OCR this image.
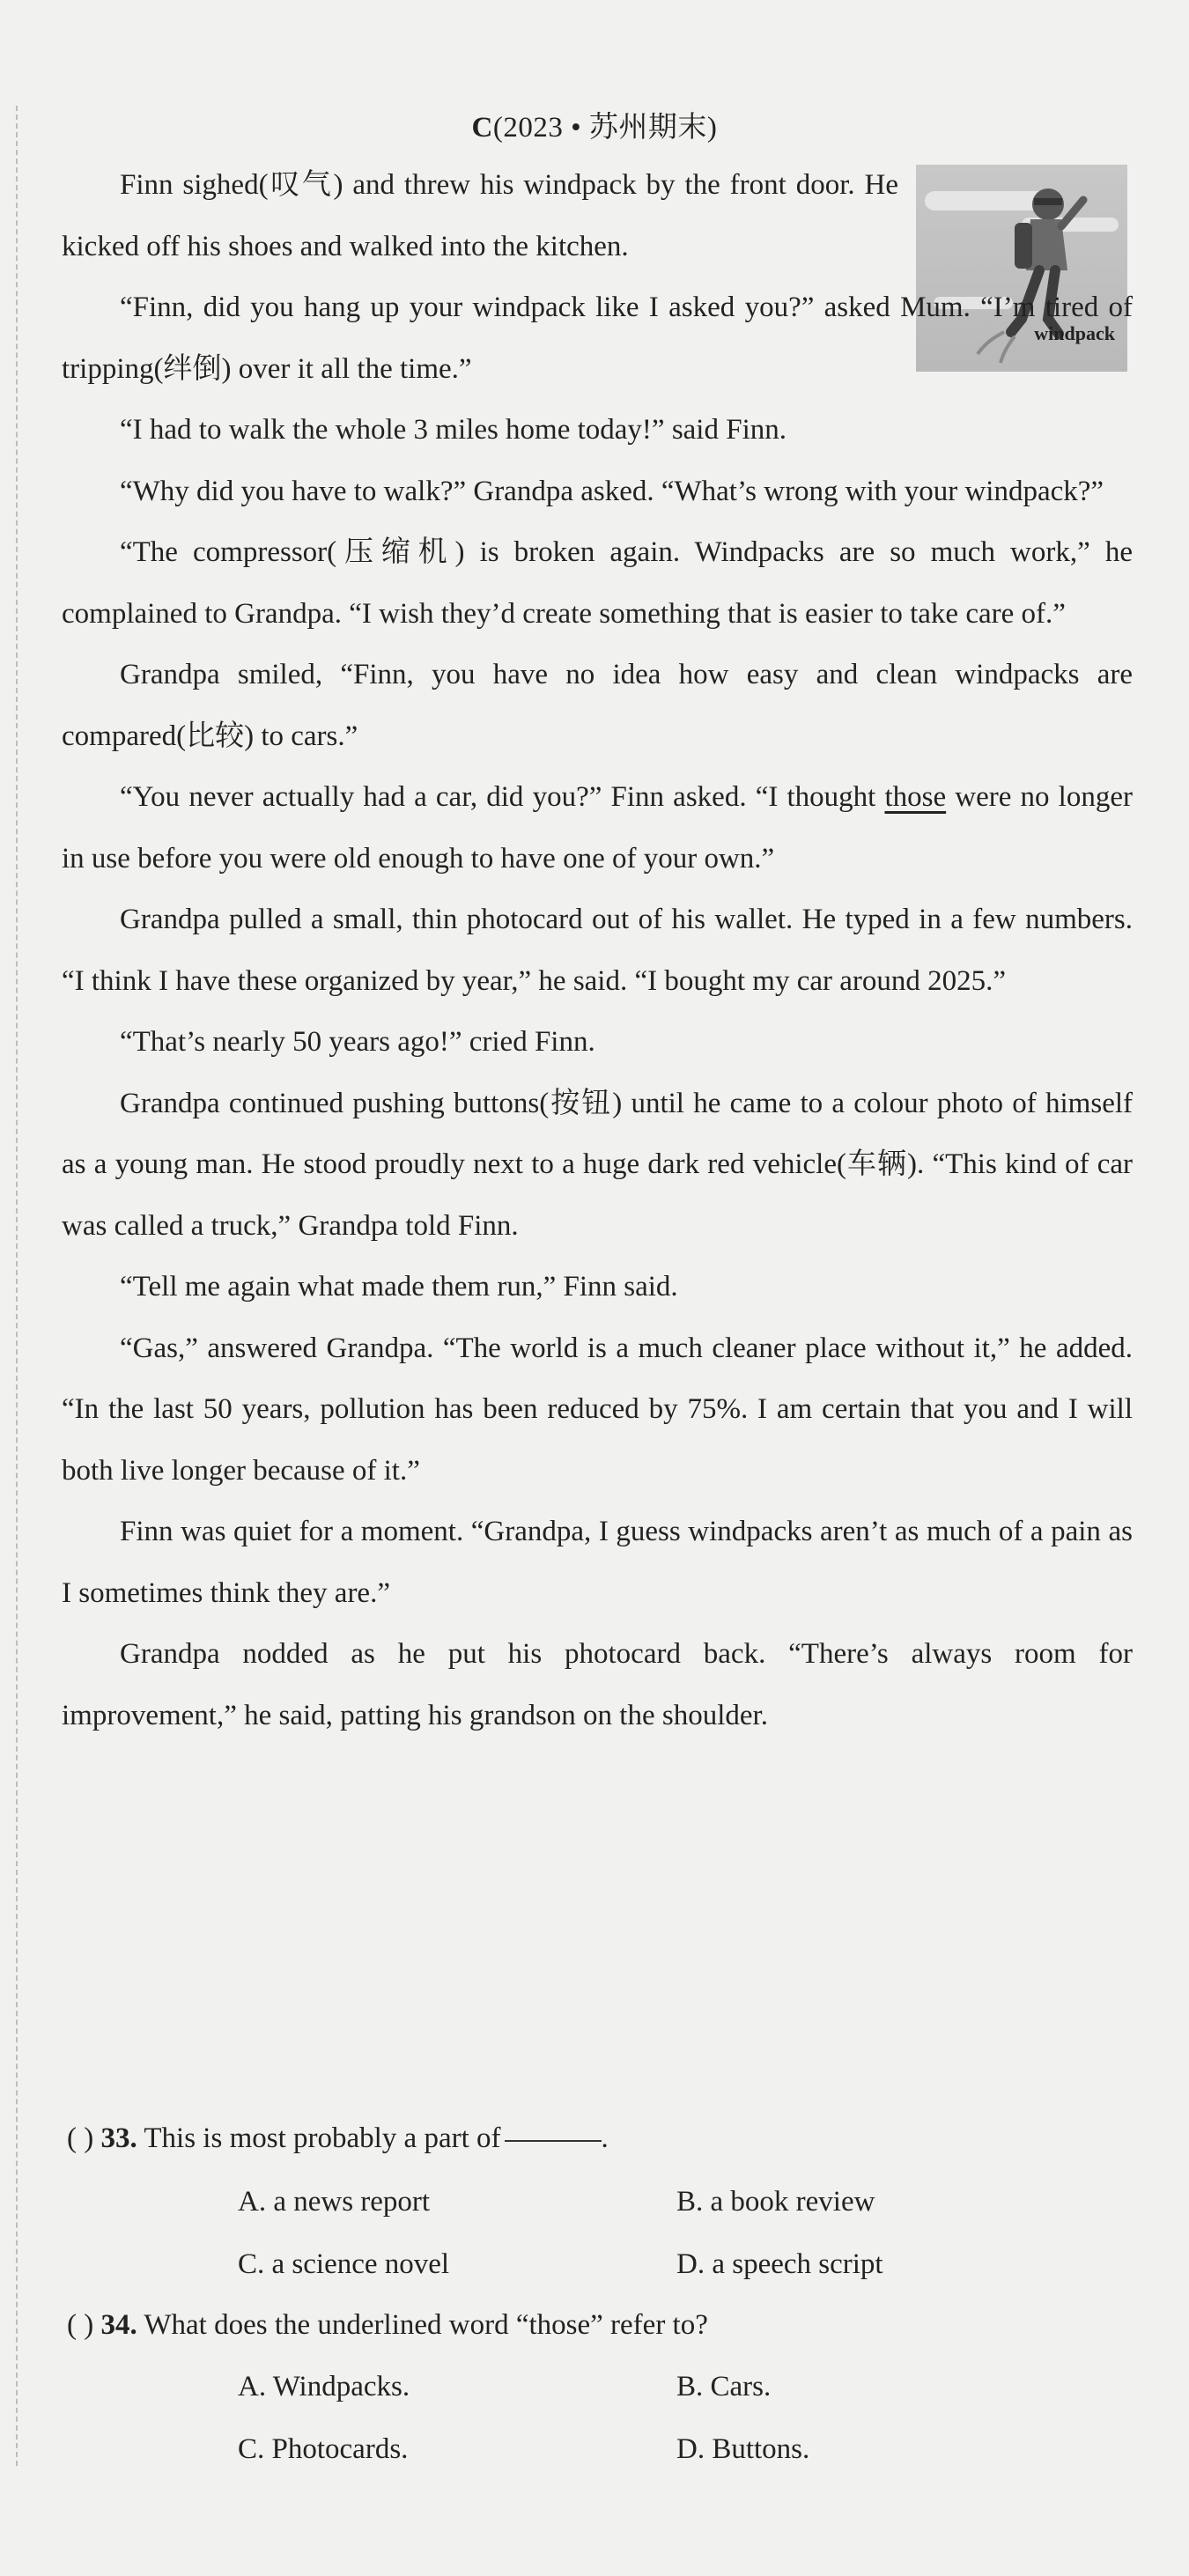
C(2023 • 苏州期末)
windpack

Finn sighed(叹气) and threw his windpack by the front door. He kicked off his shoes and walked into the kitchen.

“Finn, did you hang up your windpack like I asked you?” asked Mum. “I’m tired of tripping(绊倒) over it all the time.”

“I had to walk the whole 3 miles home today!” said Finn.

“Why did you have to walk?” Grandpa asked. “What’s wrong with your windpack?”

“The compressor(压缩机) is broken again. Windpacks are so much work,” he complained to Grandpa. “I wish they’d create something that is easier to take care of.”

Grandpa smiled, “Finn, you have no idea how easy and clean windpacks are compared(比较) to cars.”

“You never actually had a car, did you?” Finn asked. “I thought those were no longer in use before you were old enough to have one of your own.”

Grandpa pulled a small, thin photocard out of his wallet. He typed in a few numbers. “I think I have these organized by year,” he said. “I bought my car around 2025.”

“That’s nearly 50 years ago!” cried Finn.

Grandpa continued pushing buttons(按钮) until he came to a colour photo of himself as a young man. He stood proudly next to a huge dark red vehicle(车辆). “This kind of car was called a truck,” Grandpa told Finn.

“Tell me again what made them run,” Finn said.

“Gas,” answered Grandpa. “The world is a much cleaner place without it,” he added. “In the last 50 years, pollution has been reduced by 75%. I am certain that you and I will both live longer because of it.”

Finn was quiet for a moment. “Grandpa, I guess windpacks aren’t as much of a pain as I sometimes think they are.”

Grandpa nodded as he put his photocard back. “There’s always room for improvement,” he said, patting his grandson on the shoulder.

( ) 33. This is most probably a part of	.
A. a news report	B. a book review
C. a science novel	D. a speech script
( ) 34. What does the underlined word “those” refer to?
A. Windpacks.	B. Cars.
C. Photocards.	D. Buttons.
